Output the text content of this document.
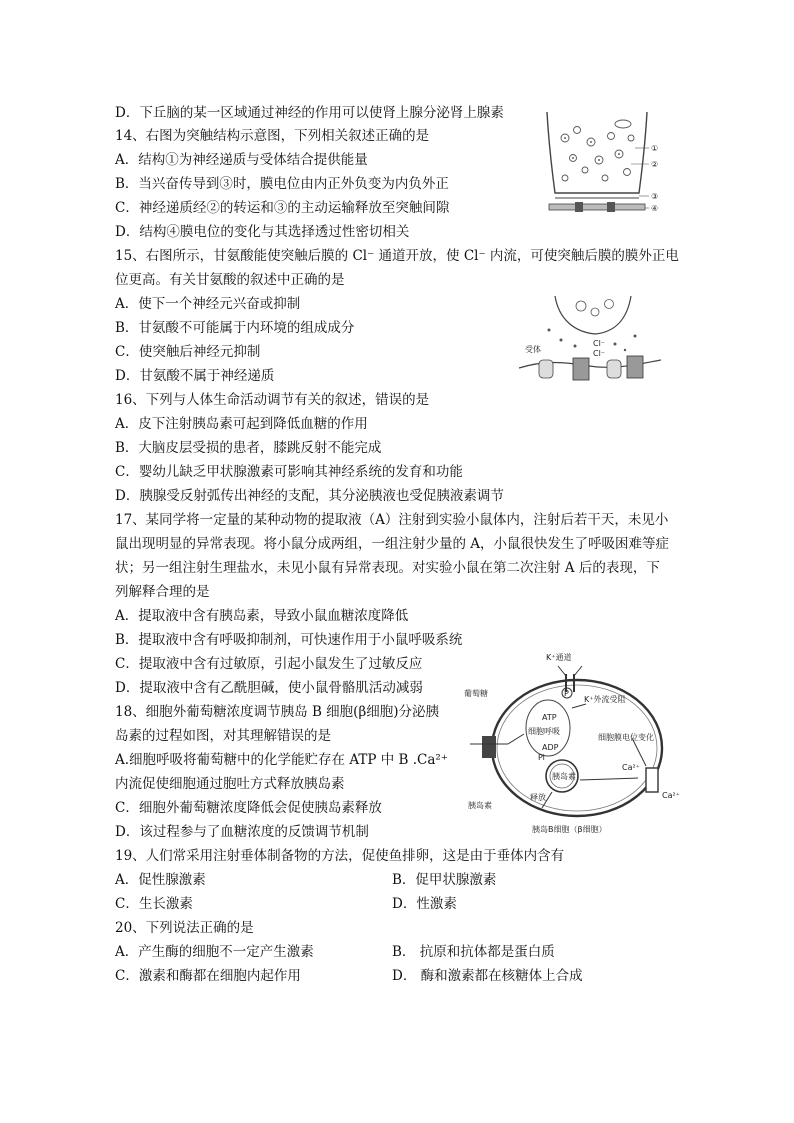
D．下丘脑的某一区域通过神经的作用可以使肾上腺分泌肾上腺素
14、右图为突触结构示意图，下列相关叙述正确的是
A．结构①为神经递质与受体结合提供能量
B．当兴奋传导到③时，膜电位由内正外负变为内负外正
C．神经递质经②的转运和③的主动运输释放至突触间隙
D．结构④膜电位的变化与其选择透过性密切相关
15、右图所示，甘氨酸能使突触后膜的 Cl⁻ 通道开放，使 Cl⁻ 内流，可使突触后膜的膜外正电
位更高。有关甘氨酸的叙述中正确的是
A．使下一个神经元兴奋或抑制
B．甘氨酸不可能属于内环境的组成成分
C．使突触后神经元抑制
D．甘氨酸不属于神经递质
16、下列与人体生命活动调节有关的叙述，错误的是
A．皮下注射胰岛素可起到降低血糖的作用
B．大脑皮层受损的患者，膝跳反射不能完成
C．婴幼儿缺乏甲状腺激素可影响其神经系统的发育和功能
D．胰腺受反射弧传出神经的支配，其分泌胰液也受促胰液素调节
17、某同学将一定量的某种动物的提取液（A）注射到实验小鼠体内，注射后若干天，未见小
鼠出现明显的异常表现。将小鼠分成两组，一组注射少量的 A，小鼠很快发生了呼吸困难等症
状；另一组注射生理盐水，未见小鼠有异常表现。对实验小鼠在第二次注射 A 后的表现，下
列解释合理的是
A．提取液中含有胰岛素，导致小鼠血糖浓度降低
B．提取液中含有呼吸抑制剂，可快速作用于小鼠呼吸系统
C．提取液中含有过敏原，引起小鼠发生了过敏反应
D．提取液中含有乙酰胆碱，使小鼠骨骼肌活动减弱
18、细胞外葡萄糖浓度调节胰岛 B 细胞(β细胞)分泌胰
岛素的过程如图，对其理解错误的是
A.细胞呼吸将葡萄糖中的化学能贮存在 ATP 中 B .Ca²⁺
内流促使细胞通过胞吐方式释放胰岛素
C．细胞外葡萄糖浓度降低会促使胰岛素释放
D．该过程参与了血糖浓度的反馈调节机制
19、人们常采用注射垂体制备物的方法，促使鱼排卵，这是由于垂体内含有
A．促性腺激素	B．促甲状腺激素
C．生长激素	D．性激素
20、下列说法正确的是
A．产生酶的细胞不一定产生激素	B． 抗原和抗体都是蛋白质
C．激素和酶都在细胞内起作用	D． 酶和激素都在核糖体上合成
①
②
③
④
受体	Cl⁻
Cl⁻
P
K⁺通道
葡萄糖
K⁺外流受阻
ATP
细胞呼吸
ADP
Pi
细胞膜电位变化
胰岛素
释放
Ca²⁺
Ca²⁺
胰岛素
胰岛B细胞（β细胞）
